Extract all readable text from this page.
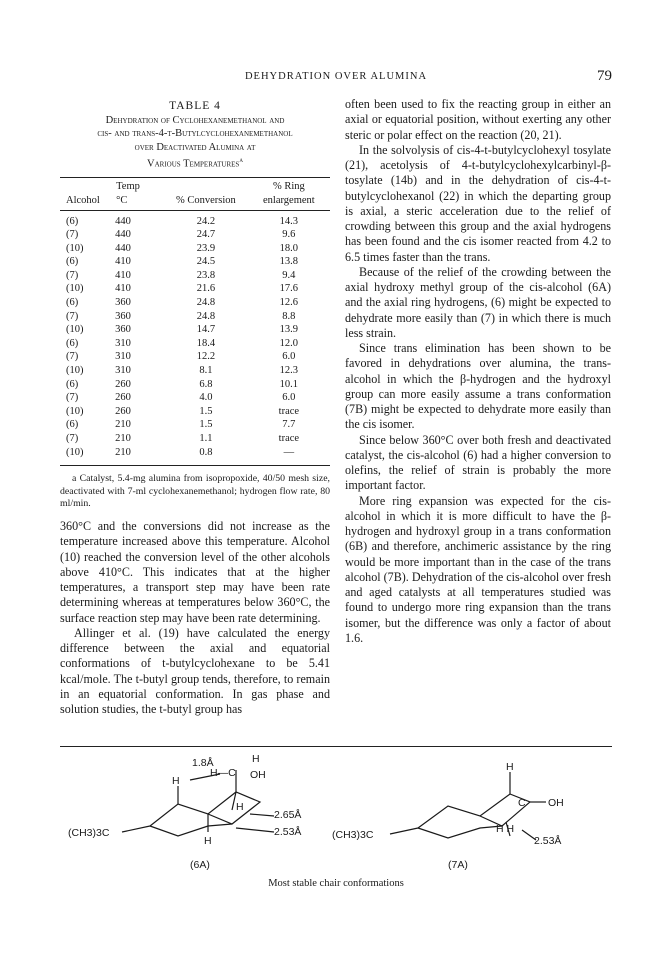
DEHYDRATION OVER ALUMINA	79
TABLE 4
Dehydration of Cyclohexanemethanol and
cis- and trans-4-t-Butylcyclohexanemethanol
over Deactivated Alumina at
Various Temperatures$^a$
	Temp		% Ring
Alcohol	°C	% Conversion	enlargement
(6)	440	24.2	14.3
(7)	440	24.7	9.6
(10)	440	23.9	18.0
(6)	410	24.5	13.8
(7)	410	23.8	9.4
(10)	410	21.6	17.6
(6)	360	24.8	12.6
(7)	360	24.8	8.8
(10)	360	14.7	13.9
(6)	310	18.4	12.0
(7)	310	12.2	6.0
(10)	310	8.1	12.3
(6)	260	6.8	10.1
(7)	260	4.0	6.0
(10)	260	1.5	trace
(6)	210	1.5	7.7
(7)	210	1.1	trace
(10)	210	0.8	—
a Catalyst, 5.4-mg alumina from isopropoxide, 40/50 mesh size, deactivated with 7-ml cyclohexanemethanol; hydrogen flow rate, 80 ml/min.

360°C and the conversions did not increase as the temperature increased above this temperature. Alcohol (10) reached the conversion level of the other alcohols above 410°C. This indicates that at the higher temperatures, a transport step may have been rate determining whereas at temperatures below 360°C, the surface reaction step may have been rate determining.

Allinger et al. (19) have calculated the energy difference between the axial and equatorial conformations of t-butylcyclohexane to be 5.41 kcal/mole. The t-butyl group tends, therefore, to remain in an equatorial conformation. In gas phase and solution studies, the t-butyl group has

often been used to fix the reacting group in either an axial or equatorial position, without exerting any other steric or polar effect on the reaction (20, 21).

In the solvolysis of cis-4-t-butylcyclohexyl tosylate (21), acetolysis of 4-t-butylcyclohexylcarbinyl-β-tosylate (14b) and in the dehydration of cis-4-t-butylcyclohexanol (22) in which the departing group is axial, a steric acceleration due to the relief of crowding between this group and the axial hydrogens has been found and the cis isomer reacted from 4.2 to 6.5 times faster than the trans.

Because of the relief of the crowding between the axial hydroxy methyl group of the cis-alcohol (6A) and the axial ring hydrogens, (6) might be expected to dehydrate more easily than (7) in which there is much less strain.

Since trans elimination has been shown to be favored in dehydrations over alumina, the trans-alcohol in which the β-hydrogen and the hydroxyl group can more easily assume a trans conformation (7B) might be expected to dehydrate more easily than the cis isomer.

Since below 360°C over both fresh and deactivated catalyst, the cis-alcohol (6) had a higher conversion to olefins, the relief of strain is probably the more important factor.

More ring expansion was expected for the cis-alcohol in which it is more difficult to have the β-hydrogen and hydroxyl group in a trans conformation (6B) and therefore, anchimeric assistance by the ring would be more important than in the case of the trans alcohol (7B). Dehydration of the cis-alcohol over fresh and aged catalysts at all temperatures studied was found to undergo more ring expansion than the trans isomer, but the difference was only a factor of about 1.6.

1.8Å	H
H—C OH
H
H
2.65Å
2.53Å
H
(CH3)3C
(6A)
H
C OH
H H
2.53Å
(CH3)3C
(7A)
Most stable chair conformations
